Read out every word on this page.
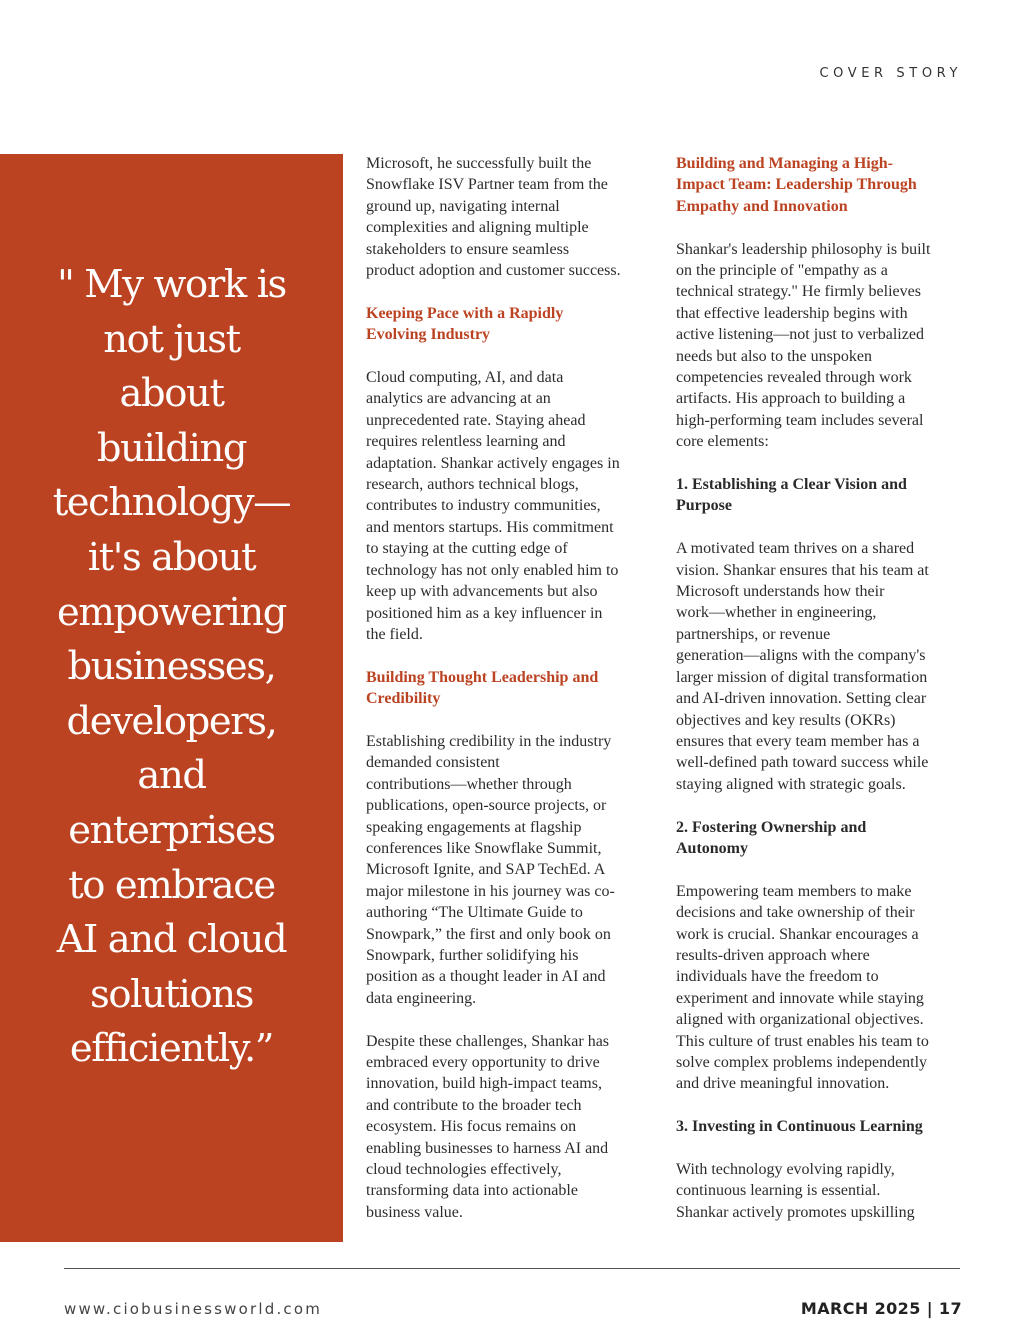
COVER STORY
" My work is
not just
about
building
technology—
it's about
empowering
businesses,
developers,
and
enterprises
to embrace
AI and cloud
solutions
efficiently.”

Microsoft, he successfully built the
Snowflake ISV Partner team from the
ground up, navigating internal
complexities and aligning multiple
stakeholders to ensure seamless
product adoption and customer success.

Keeping Pace with a Rapidly
Evolving Industry

Cloud computing, AI, and data
analytics are advancing at an
unprecedented rate. Staying ahead
requires relentless learning and
adaptation. Shankar actively engages in
research, authors technical blogs,
contributes to industry communities,
and mentors startups. His commitment
to staying at the cutting edge of
technology has not only enabled him to
keep up with advancements but also
positioned him as a key influencer in
the field.

Building Thought Leadership and
Credibility

Establishing credibility in the industry
demanded consistent
contributions—whether through
publications, open-source projects, or
speaking engagements at flagship
conferences like Snowflake Summit,
Microsoft Ignite, and SAP TechEd. A
major milestone in his journey was co-
authoring “The Ultimate Guide to
Snowpark,” the first and only book on
Snowpark, further solidifying his
position as a thought leader in AI and
data engineering.

Despite these challenges, Shankar has
embraced every opportunity to drive
innovation, build high-impact teams,
and contribute to the broader tech
ecosystem. His focus remains on
enabling businesses to harness AI and
cloud technologies effectively,
transforming data into actionable
business value.

Building and Managing a High-
Impact Team: Leadership Through
Empathy and Innovation

Shankar's leadership philosophy is built
on the principle of "empathy as a
technical strategy." He firmly believes
that effective leadership begins with
active listening—not just to verbalized
needs but also to the unspoken
competencies revealed through work
artifacts. His approach to building a
high-performing team includes several
core elements:

1. Establishing a Clear Vision and
Purpose

A motivated team thrives on a shared
vision. Shankar ensures that his team at
Microsoft understands how their
work—whether in engineering,
partnerships, or revenue
generation—aligns with the company's
larger mission of digital transformation
and AI-driven innovation. Setting clear
objectives and key results (OKRs)
ensures that every team member has a
well-defined path toward success while
staying aligned with strategic goals.

2. Fostering Ownership and
Autonomy

Empowering team members to make
decisions and take ownership of their
work is crucial. Shankar encourages a
results-driven approach where
individuals have the freedom to
experiment and innovate while staying
aligned with organizational objectives.
This culture of trust enables his team to
solve complex problems independently
and drive meaningful innovation.

3. Investing in Continuous Learning

With technology evolving rapidly,
continuous learning is essential.
Shankar actively promotes upskilling

www.ciobusinessworld.com	MARCH 2025 | 17
